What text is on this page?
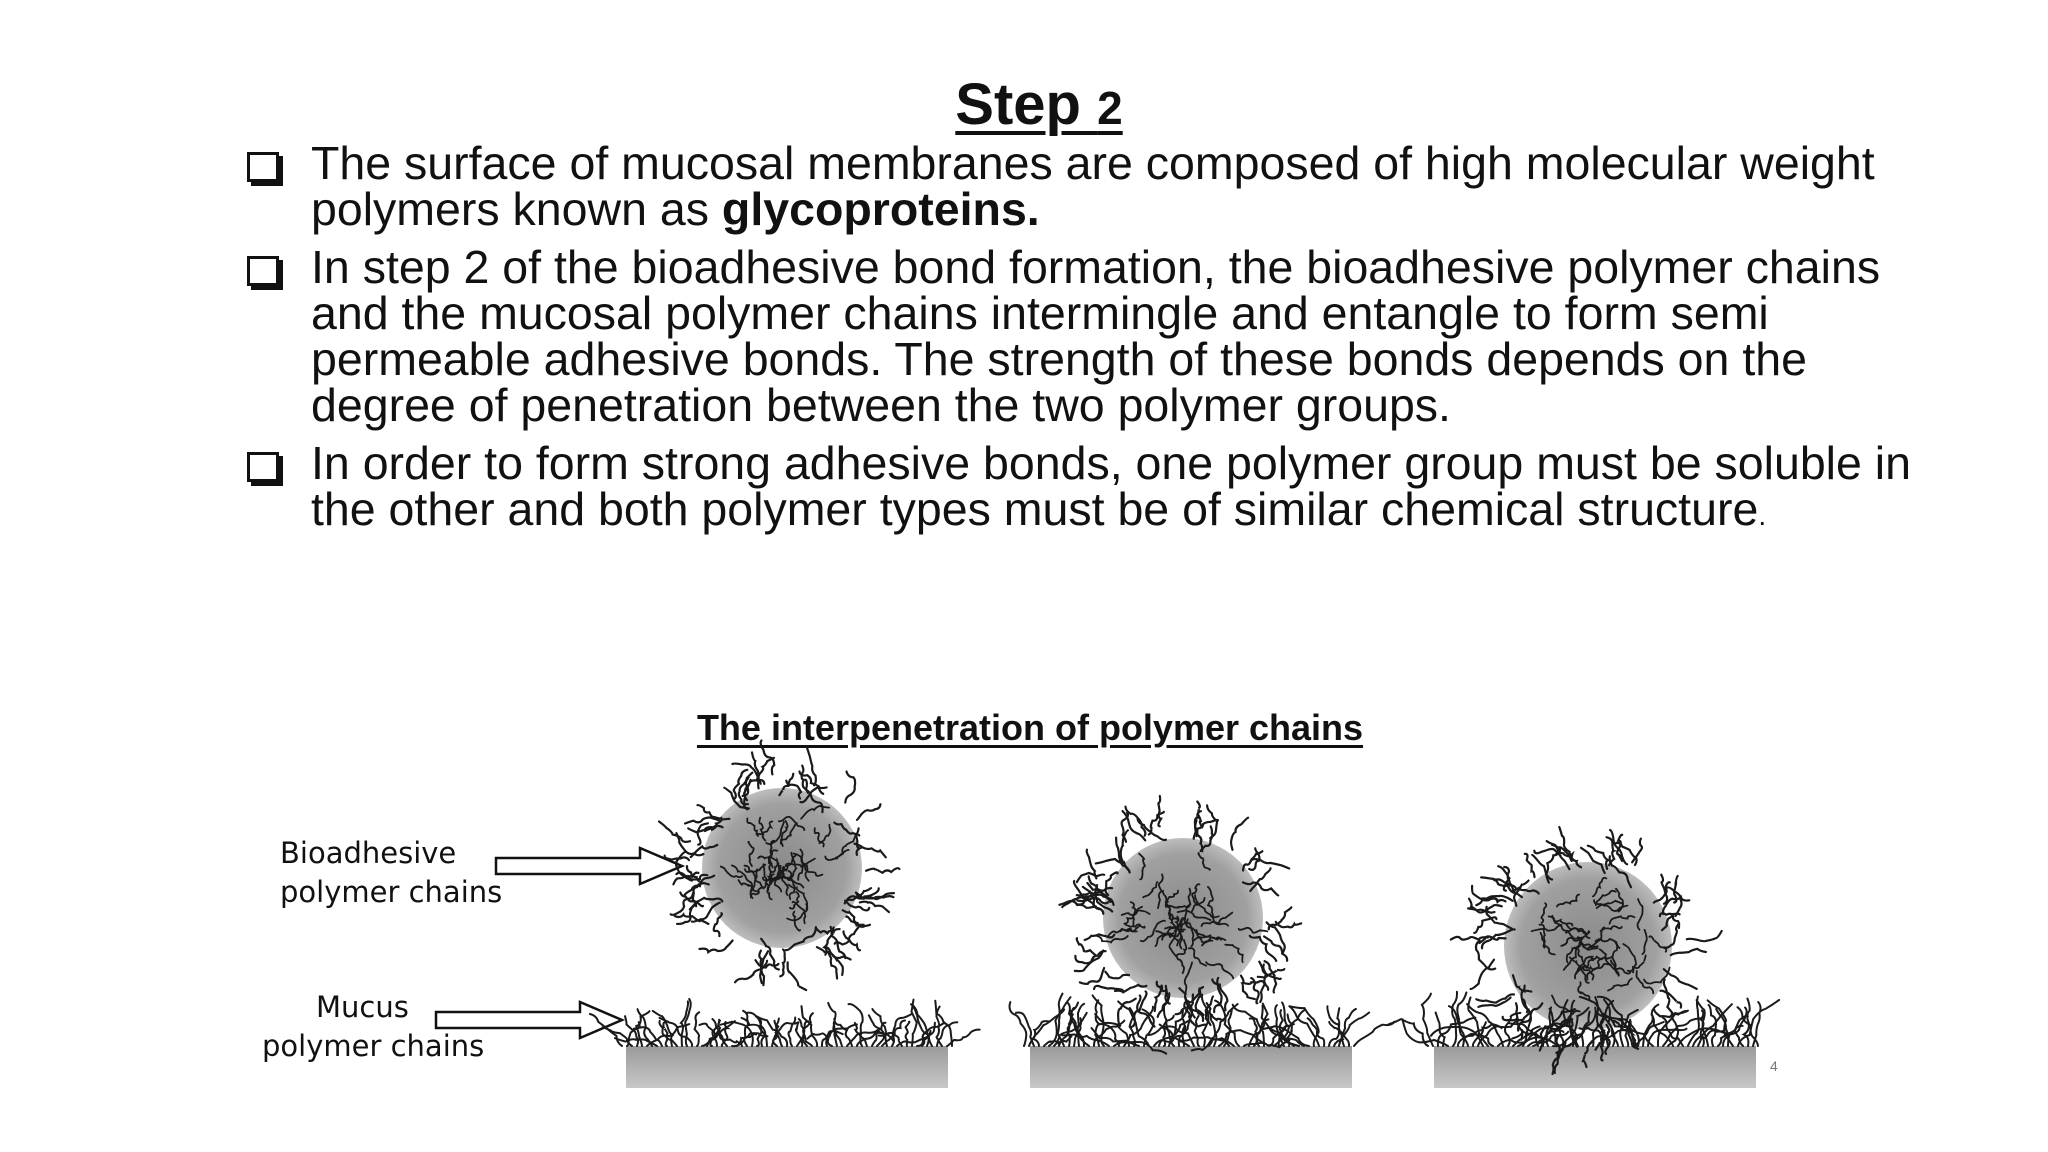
Step 2
The surface of mucosal membranes are composed of high molecular weight polymers known as glycoproteins.
In step 2 of the bioadhesive bond formation, the bioadhesive polymer chains and the mucosal polymer chains intermingle and entangle to form semi permeable adhesive bonds. The strength of these bonds depends on the degree of penetration between the two polymer groups.
In order to form strong adhesive bonds, one polymer group must be soluble in the other and both polymer types must be of similar chemical structure.
The interpenetration of polymer chains
Bioadhesive
polymer chains
Mucus
polymer chains
4
